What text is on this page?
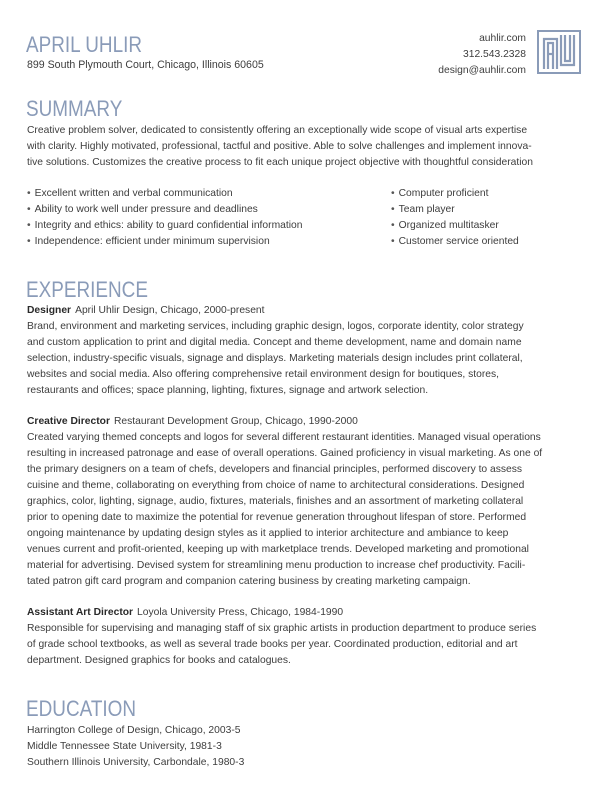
APRIL UHLIR
899 South Plymouth Court, Chicago, Illinois 60605
auhlir.com
312.543.2328
design@auhlir.com
SUMMARY
Creative problem solver, dedicated to consistently offering an exceptionally wide scope of visual arts expertise
with clarity. Highly motivated, professional, tactful and positive. Able to solve challenges and implement innova-
tive solutions. Customizes the creative process to fit each unique project objective with thoughtful consideration
• Excellent written and verbal communication
• Ability to work well under pressure and deadlines
• Integrity and ethics: ability to guard confidential information
• Independence: efficient under minimum supervision
• Computer proficient
• Team player
• Organized multitasker
• Customer service oriented
EXPERIENCE
Designer April Uhlir Design, Chicago, 2000-present
Brand, environment and marketing services, including graphic design, logos, corporate identity, color strategy
and custom application to print and digital media. Concept and theme development, name and domain name
selection, industry-specific visuals, signage and displays. Marketing materials design includes print collateral,
websites and social media. Also offering comprehensive retail environment design for boutiques, stores,
restaurants and offices; space planning, lighting, fixtures, signage and artwork selection.
Creative Director Restaurant Development Group, Chicago, 1990-2000
Created varying themed concepts and logos for several different restaurant identities. Managed visual operations
resulting in increased patronage and ease of overall operations. Gained proficiency in visual marketing. As one of
the primary designers on a team of chefs, developers and financial principles, performed discovery to assess
cuisine and theme, collaborating on everything from choice of name to architectural considerations. Designed
graphics, color, lighting, signage, audio, fixtures, materials, finishes and an assortment of marketing collateral
prior to opening date to maximize the potential for revenue generation throughout lifespan of store. Performed
ongoing maintenance by updating design styles as it applied to interior architecture and ambiance to keep
venues current and profit-oriented, keeping up with marketplace trends. Developed marketing and promotional
material for advertising. Devised system for streamlining menu production to increase chef productivity. Facili-
tated patron gift card program and companion catering business by creating marketing campaign.
Assistant Art Director Loyola University Press, Chicago, 1984-1990
Responsible for supervising and managing staff of six graphic artists in production department to produce series
of grade school textbooks, as well as several trade books per year. Coordinated production, editorial and art
department. Designed graphics for books and catalogues.
EDUCATION
Harrington College of Design, Chicago, 2003-5
Middle Tennessee State University, 1981-3
Southern Illinois University, Carbondale, 1980-3
